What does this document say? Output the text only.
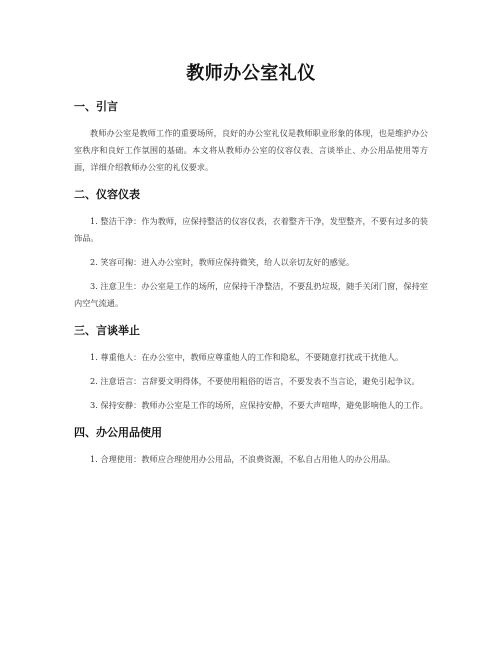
教师办公室礼仪
一、引言

教师办公室是教师工作的重要场所，良好的办公室礼仪是教师职业形象的体现，也是维护办公室秩序和良好工作氛围的基础。本文将从教师办公室的仪容仪表、言谈举止、办公用品使用等方面，详细介绍教师办公室的礼仪要求。

二、仪容仪表

1. 整洁干净：作为教师，应保持整洁的仪容仪表，衣着整齐干净，发型整齐，不要有过多的装饰品。

2. 笑容可掬：进入办公室时，教师应保持微笑，给人以亲切友好的感觉。

3. 注意卫生：办公室是工作的场所，应保持干净整洁，不要乱扔垃圾，随手关闭门窗，保持室内空气流通。

三、言谈举止

1. 尊重他人：在办公室中，教师应尊重他人的工作和隐私，不要随意打扰或干扰他人。

2. 注意语言：言辞要文明得体，不要使用粗俗的语言，不要发表不当言论，避免引起争议。

3. 保持安静：教师办公室是工作的场所，应保持安静，不要大声喧哗，避免影响他人的工作。

四、办公用品使用

1. 合理使用：教师应合理使用办公用品，不浪费资源，不私自占用他人的办公用品。
